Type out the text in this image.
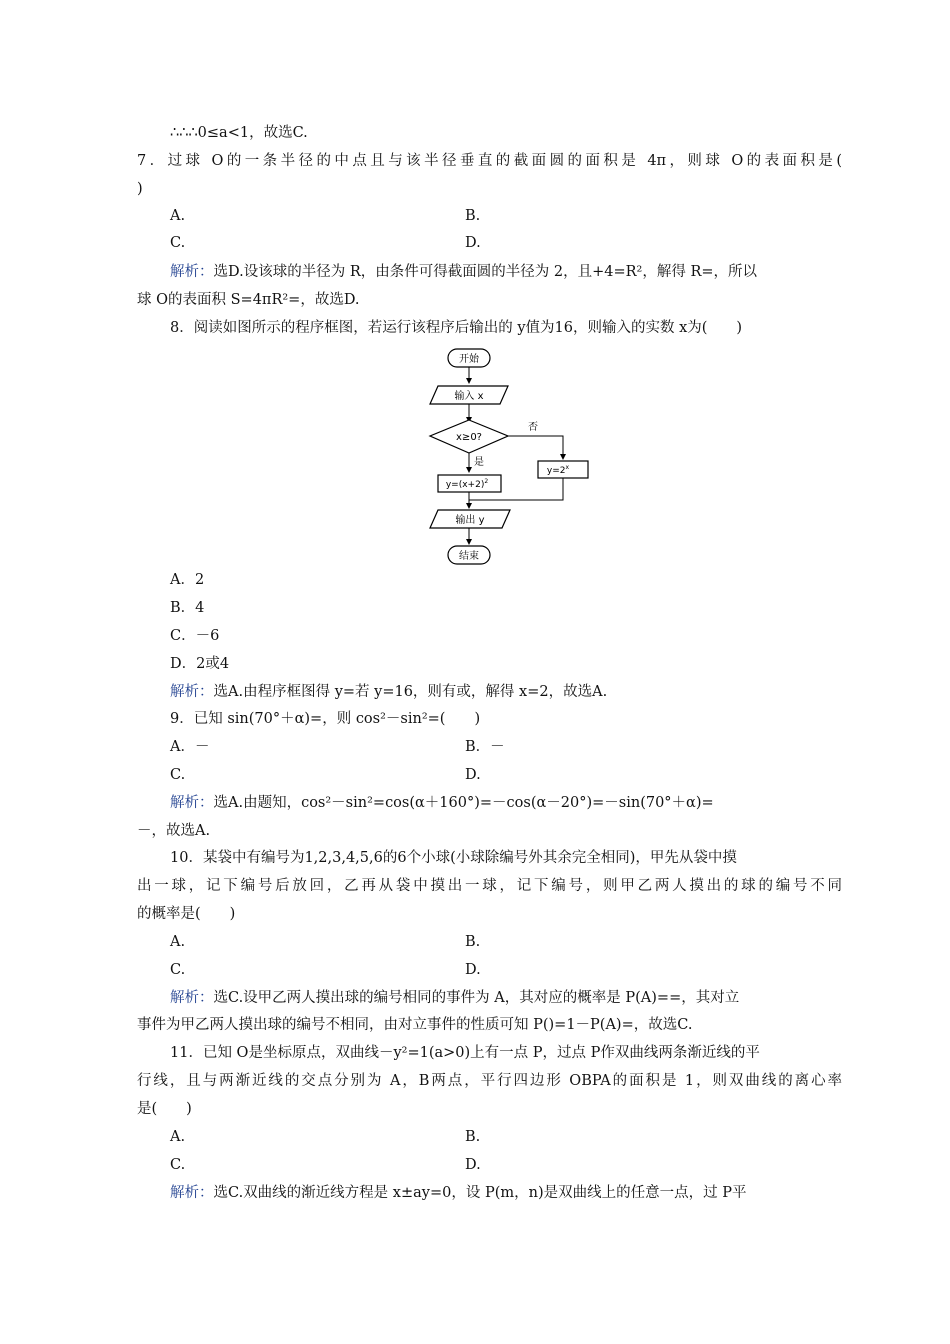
∴∴∴0≤a<1，故选C.
7．过球 O的一条半径的中点且与该半径垂直的截面圆的面积是 4π，则球 O的表面积是(
)
A.	B.
C.	D.
解析：选D.设该球的半径为 R，由条件可得截面圆的半径为 2，且+4=R²，解得 R=，所以
球 O的表面积 S=4πR²=，故选D.
8．阅读如图所示的程序框图，若运行该程序后输出的 y值为16，则输入的实数 x为(　　)
开始
输入 x
x≥0?
否
是
$y=2^x$
$y=(x+2)^2$
输出 y
结束
A．2
B．4
C．－6
D．2或4
解析：选A.由程序框图得 y=若 y=16，则有或，解得 x=2，故选A.
9．已知 sin(70°＋α)=，则 cos²－sin²=(　　)
A．－	B．－
C.	D.
解析：选A.由题知，cos²－sin²=cos(α＋160°)=－cos(α－20°)=－sin(70°＋α)=
－，故选A.
10．某袋中有编号为1,2,3,4,5,6的6个小球(小球除编号外其余完全相同)，甲先从袋中摸
出一球，记下编号后放回，乙再从袋中摸出一球，记下编号，则甲乙两人摸出的球的编号不同
的概率是(　　)
A.	B.
C.	D.
解析：选C.设甲乙两人摸出球的编号相同的事件为 A，其对应的概率是 P(A)==，其对立
事件为甲乙两人摸出球的编号不相同，由对立事件的性质可知 P()=1－P(A)=，故选C.
11．已知 O是坐标原点，双曲线－y²=1(a>0)上有一点 P，过点 P作双曲线两条渐近线的平
行线，且与两渐近线的交点分别为 A，B两点，平行四边形 OBPA的面积是 1，则双曲线的离心率
是(　　)
A.	B.
C.	D.
解析：选C.双曲线的渐近线方程是 x±ay=0，设 P(m，n)是双曲线上的任意一点，过 P平
